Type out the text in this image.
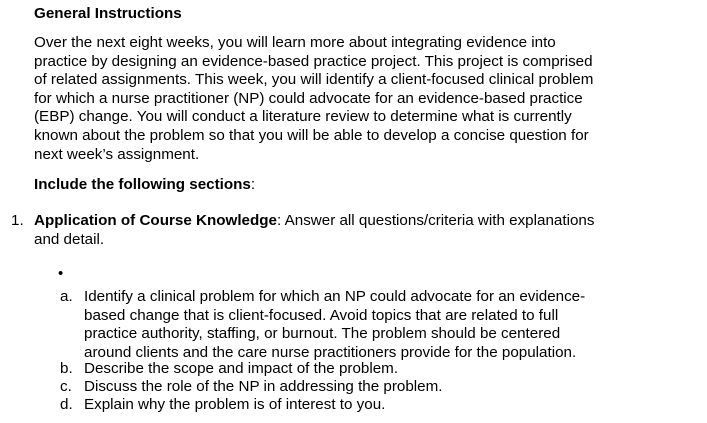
General Instructions
Over the next eight weeks, you will learn more about integrating evidence into
practice by designing an evidence-based practice project. This project is comprised
of related assignments. This week, you will identify a client-focused clinical problem
for which a nurse practitioner (NP) could advocate for an evidence-based practice
(EBP) change. You will conduct a literature review to determine what is currently
known about the problem so that you will be able to develop a concise question for
next week’s assignment.
Include the following sections:
1. Application of Course Knowledge: Answer all questions/criteria with explanations
and detail.
•
a. Identify a clinical problem for which an NP could advocate for an evidence-
based change that is client-focused. Avoid topics that are related to full
practice authority, staffing, or burnout. The problem should be centered
around clients and the care nurse practitioners provide for the population.
b. Describe the scope and impact of the problem.
c. Discuss the role of the NP in addressing the problem.
d. Explain why the problem is of interest to you.
